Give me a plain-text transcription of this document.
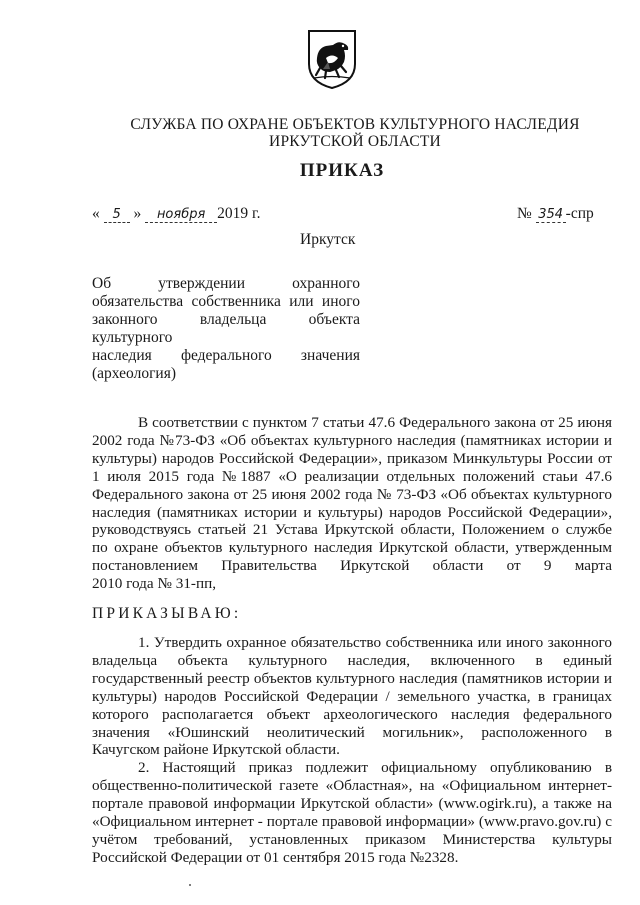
СЛУЖБА ПО ОХРАНЕ ОБЪЕКТОВ КУЛЬТУРНОГО НАСЛЕДИЯ
ИРКУТСКОЙ ОБЛАСТИ
ПРИКАЗ
« 5 » ноября 2019 г.	№ 354 -спр
Иркутск
Об утверждении охранного
обязательства собственника или иного
законного владельца объекта культурного
наследия федерального значения
(археология)
В соответствии с пунктом 7 статьи 47.6 Федерального закона от 25 июня
2002 года №73-ФЗ «Об объектах культурного наследия (памятниках истории и
культуры) народов Российской Федерации», приказом Минкультуры России от
1 июля 2015 года №1887 «О реализации отдельных положений стаьи 47.6
Федерального закона от 25 июня 2002 года № 73-ФЗ «Об объектах культурного
наследия (памятниках истории и культуры) народов Российской Федерации»,
руководствуясь статьей 21 Устава Иркутской области, Положением о службе
по охране объектов культурного наследия Иркутской области, утвержденным
постановлением Правительства Иркутской области от 9 марта
2010 года № 31-пп,
ПРИКАЗЫВАЮ:
1. Утвердить охранное обязательство собственника или иного законного
владельца объекта культурного наследия, включенного в единый
государственный реестр объектов культурного наследия (памятников истории и
культуры) народов Российской Федерации / земельного участка, в границах
которого располагается объект археологического наследия федерального
значения «Юшинский неолитический могильник», расположенного в
Качугском районе Иркутской области.
2. Настоящий приказ подлежит официальному опубликованию в
общественно-политической газете «Областная», на «Официальном интернет-
портале правовой информации Иркутской области» (www.ogirk.ru), а также на
«Официальном интернет - портале правовой информации» (www.pravo.gov.ru) с
учётом требований, установленных приказом Министерства культуры
Российской Федерации от 01 сентября 2015 года №2328.
